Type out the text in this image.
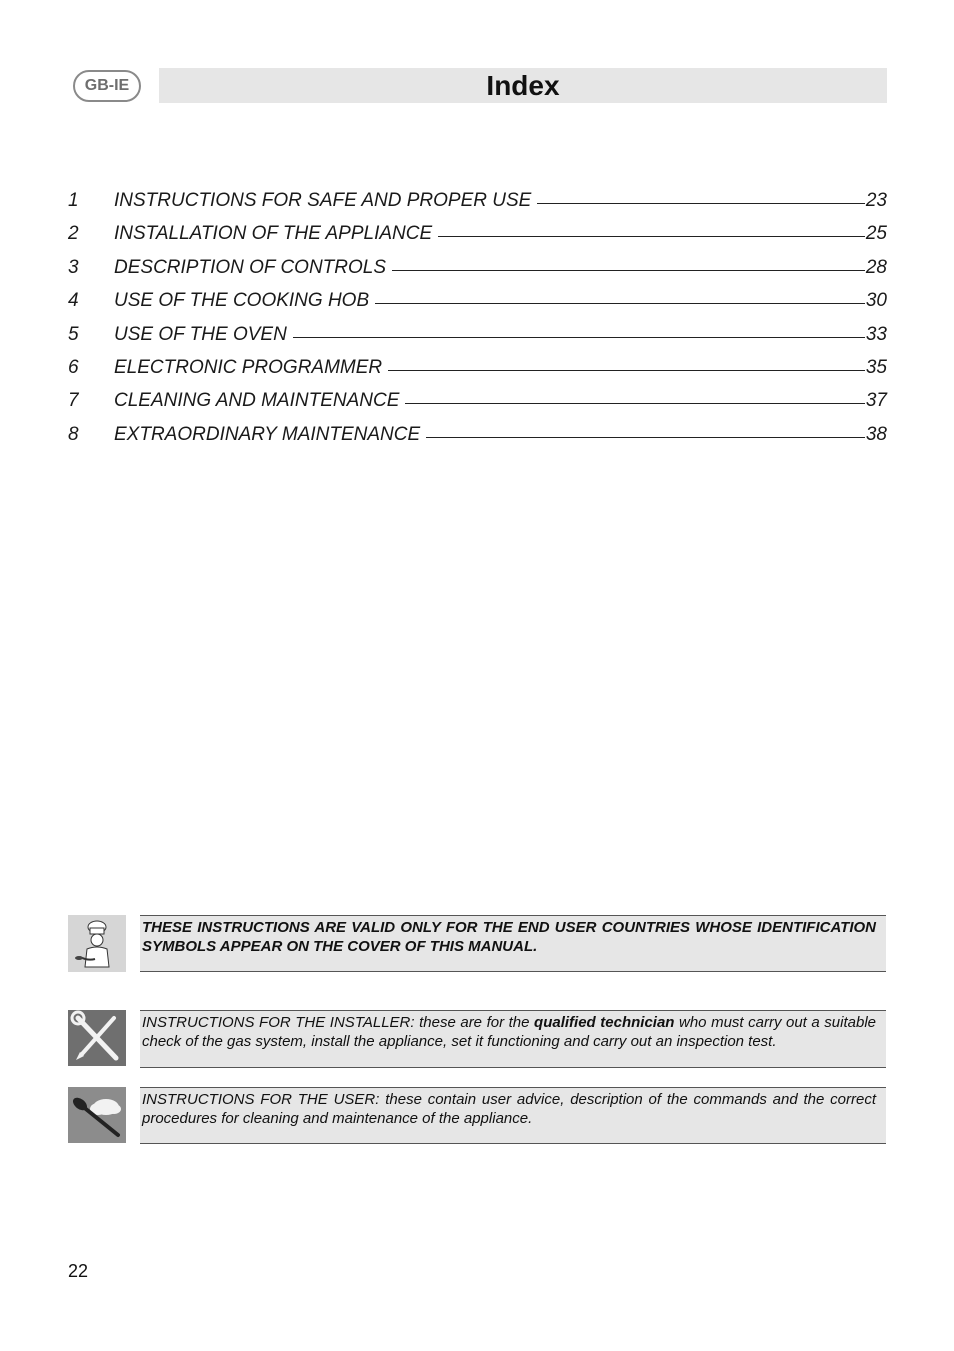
GB-IE	Index
1	INSTRUCTIONS FOR SAFE AND PROPER USE	23
2	INSTALLATION OF THE APPLIANCE	25
3	DESCRIPTION OF CONTROLS	28
4	USE OF THE COOKING HOB	30
5	USE OF THE OVEN	33
6	ELECTRONIC PROGRAMMER	35
7	CLEANING AND MAINTENANCE	37
8	EXTRAORDINARY MAINTENANCE	38
THESE INSTRUCTIONS ARE VALID ONLY FOR THE END USER COUNTRIES WHOSE IDENTIFICATION SYMBOLS APPEAR ON THE COVER OF THIS MANUAL.
INSTRUCTIONS FOR THE INSTALLER: these are for the qualified technician who must carry out a suitable check of the gas system, install the appliance, set it functioning and carry out an inspection test.
INSTRUCTIONS FOR THE USER: these contain user advice, description of the commands and the correct procedures for cleaning and maintenance of the appliance.
22
